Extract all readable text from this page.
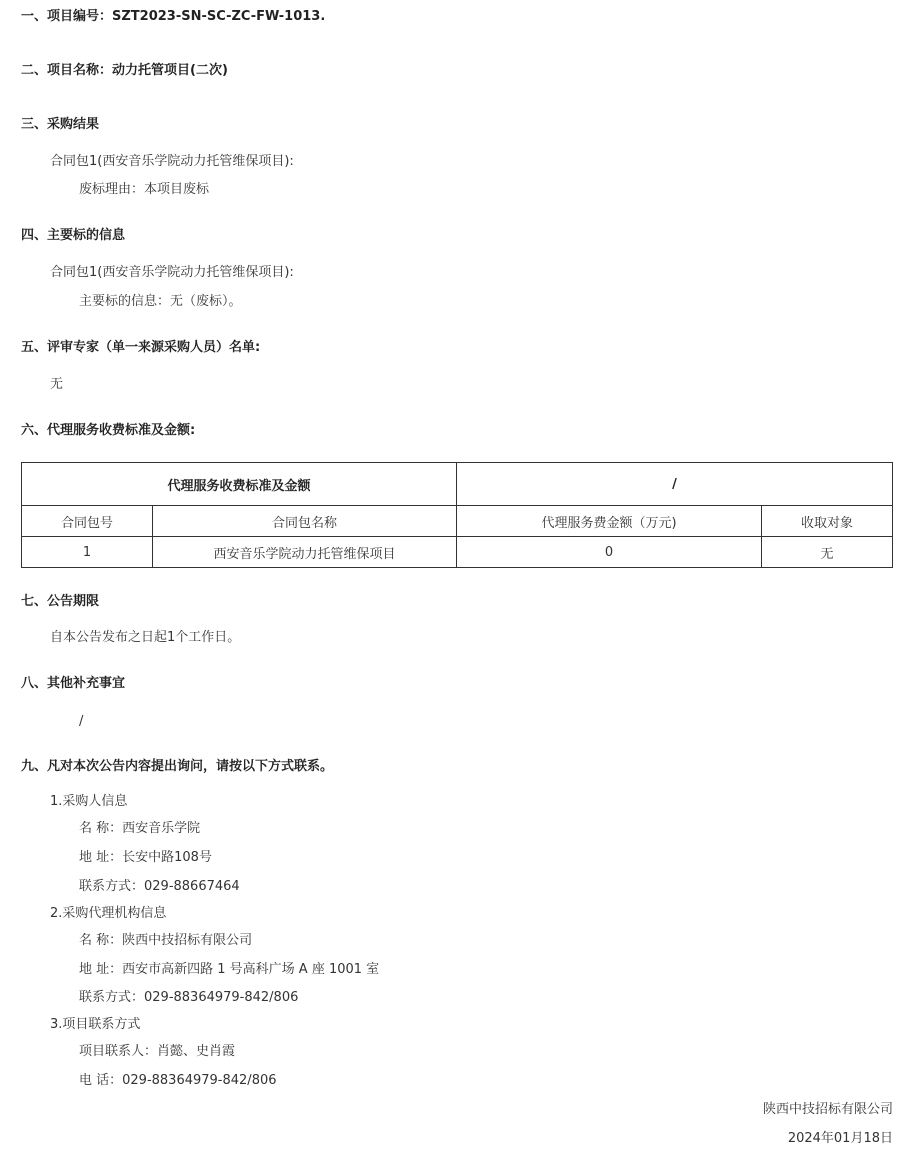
一、项目编号：SZT2023-SN-SC-ZC-FW-1013.
二、项目名称：动力托管项目(二次)
三、采购结果
合同包1(西安音乐学院动力托管维保项目):
废标理由：本项目废标
四、主要标的信息
合同包1(西安音乐学院动力托管维保项目):
主要标的信息：无（废标）。
五、评审专家（单一来源采购人员）名单:
无
六、代理服务收费标准及金额:
代理服务收费标准及金额		/	
合同包号	合同包名称	代理服务费金额（万元)	收取对象
1	西安音乐学院动力托管维保项目	0	无
七、公告期限
自本公告发布之日起1个工作日。
八、其他补充事宜
/
九、凡对本次公告内容提出询问，请按以下方式联系。
1.采购人信息
名 称：西安音乐学院
地 址：长安中路108号
联系方式：029-88667464
2.采购代理机构信息
名 称：陕西中技招标有限公司
地 址：西安市高新四路 1 号高科广场 A 座 1001 室
联系方式：029-88364979-842/806
3.项目联系方式
项目联系人：肖懿、史肖霞
电 话：029-88364979-842/806
陕西中技招标有限公司
2024年01月18日
